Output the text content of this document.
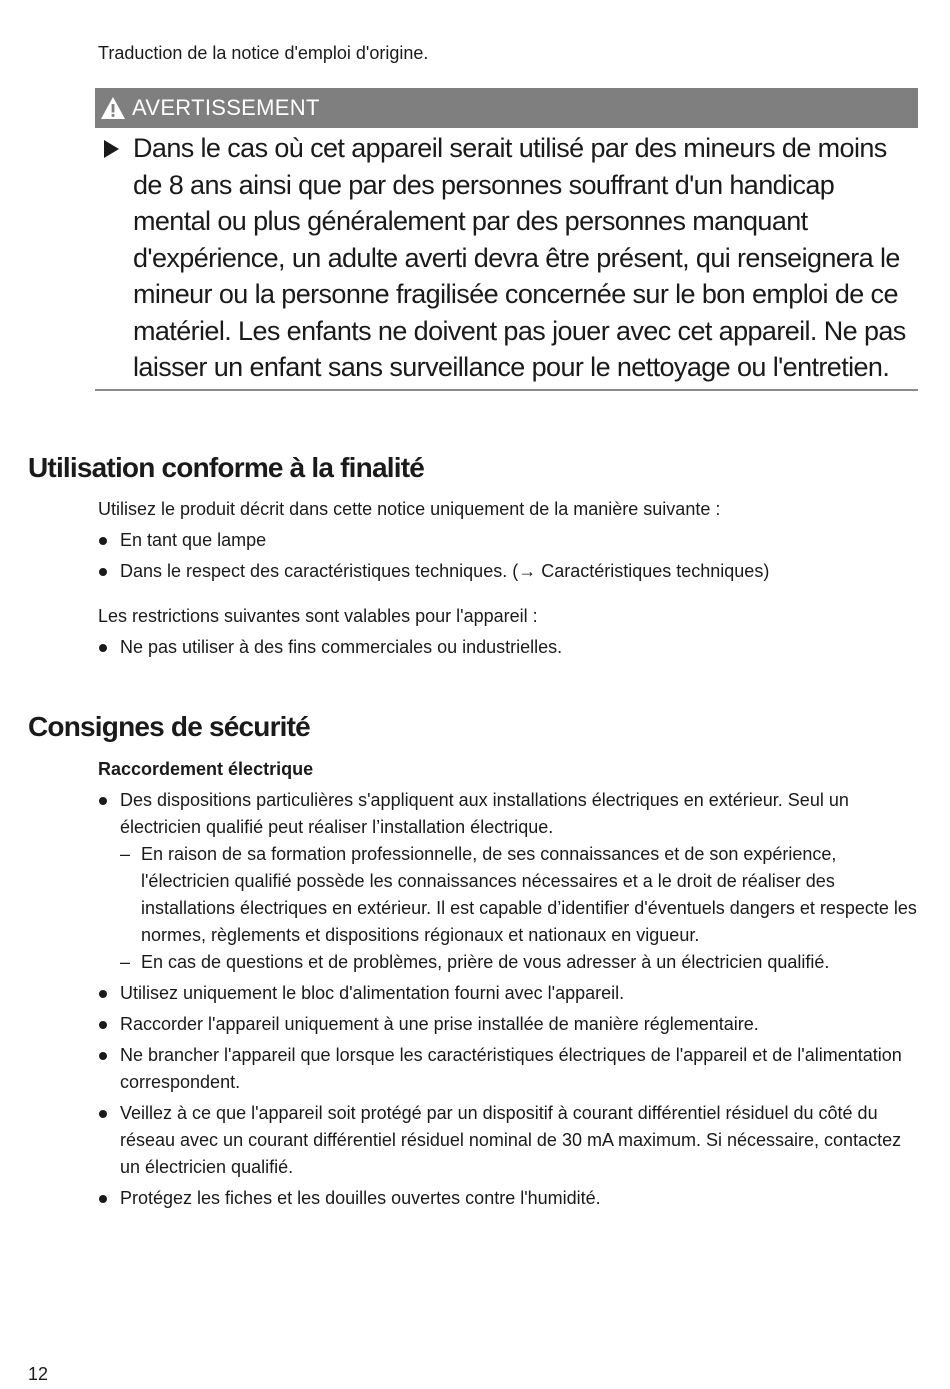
Traduction de la notice d'emploi d'origine.
AVERTISSEMENT
Dans le cas où cet appareil serait utilisé par des mineurs de moins de 8 ans ainsi que par des personnes souffrant d'un handicap mental ou plus généralement par des personnes manquant d'expérience, un adulte averti devra être présent, qui renseignera le mineur ou la personne fragilisée concernée sur le bon emploi de ce matériel. Les enfants ne doivent pas jouer avec cet appareil. Ne pas laisser un enfant sans surveillance pour le nettoyage ou l'entretien.
Utilisation conforme à la finalité
Utilisez le produit décrit dans cette notice uniquement de la manière suivante :
En tant que lampe
Dans le respect des caractéristiques techniques. (→ Caractéristiques techniques)
Les restrictions suivantes sont valables pour l'appareil :
Ne pas utiliser à des fins commerciales ou industrielles.
Consignes de sécurité
Raccordement électrique
Des dispositions particulières s'appliquent aux installations électriques en extérieur. Seul un électricien qualifié peut réaliser l’installation électrique.
– En raison de sa formation professionnelle, de ses connaissances et de son expérience, l'électricien qualifié possède les connaissances nécessaires et a le droit de réaliser des installations électriques en extérieur. Il est capable d’identifier d'éventuels dangers et respecte les normes, règlements et dispositions régionaux et nationaux en vigueur.
– En cas de questions et de problèmes, prière de vous adresser à un électricien qualifié.
Utilisez uniquement le bloc d'alimentation fourni avec l'appareil.
Raccorder l'appareil uniquement à une prise installée de manière réglementaire.
Ne brancher l'appareil que lorsque les caractéristiques électriques de l'appareil et de l'alimentation correspondent.
Veillez à ce que l'appareil soit protégé par un dispositif à courant différentiel résiduel du côté du réseau avec un courant différentiel résiduel nominal de 30 mA maximum. Si nécessaire, contactez un électricien qualifié.
Protégez les fiches et les douilles ouvertes contre l'humidité.
12
